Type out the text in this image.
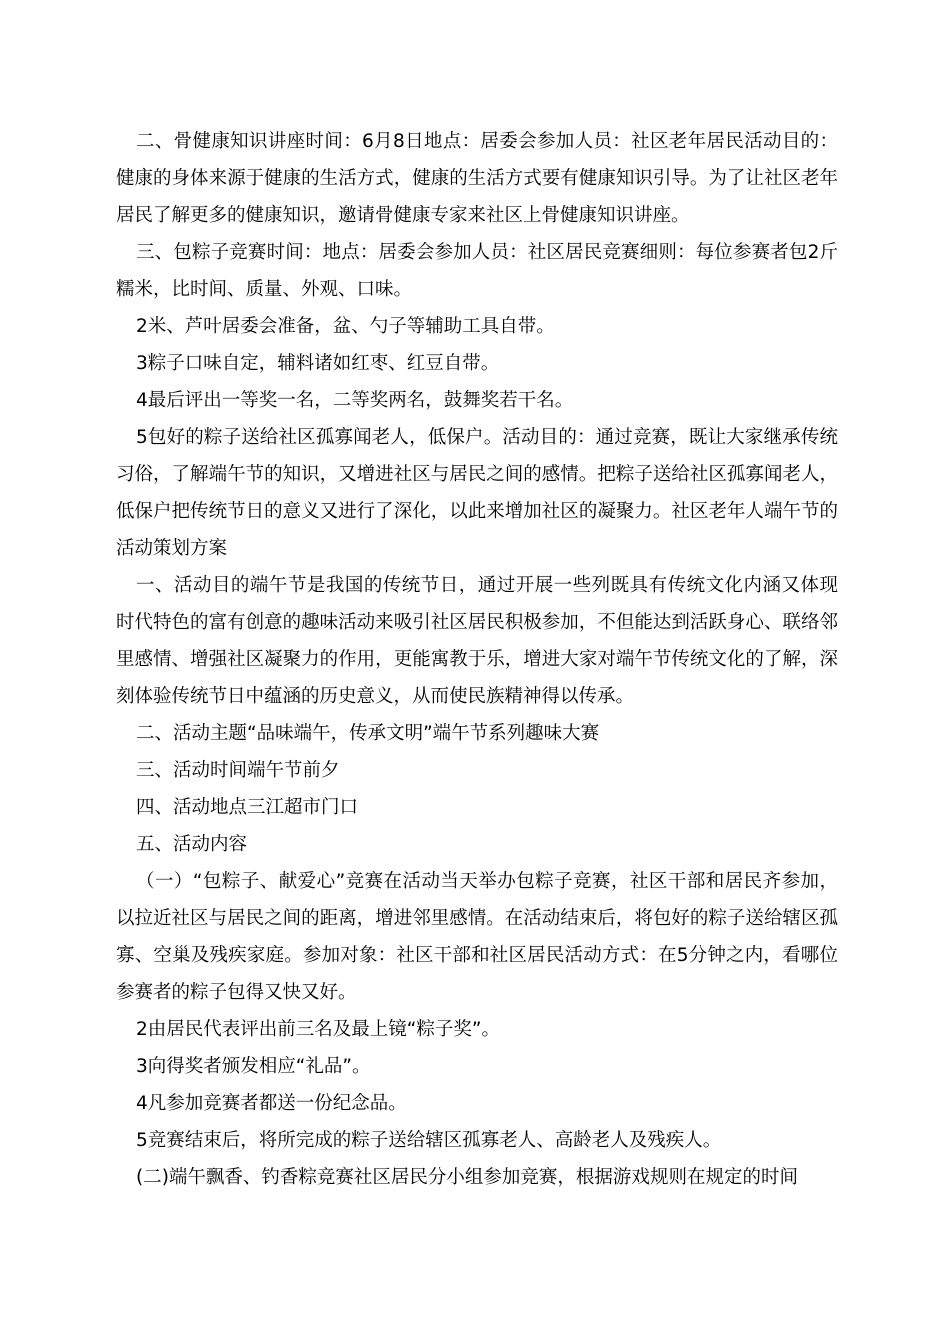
二、骨健康知识讲座时间：6月8日地点：居委会参加人员：社区老年居民活动目的：健康的身体来源于健康的生活方式，健康的生活方式要有健康知识引导。为了让社区老年居民了解更多的健康知识，邀请骨健康专家来社区上骨健康知识讲座。

三、包粽子竞赛时间：地点：居委会参加人员：社区居民竞赛细则：每位参赛者包2斤糯米，比时间、质量、外观、口味。

2米、芦叶居委会准备，盆、勺子等辅助工具自带。

3粽子口味自定，辅料诸如红枣、红豆自带。

4最后评出一等奖一名，二等奖两名，鼓舞奖若干名。

5包好的粽子送给社区孤寡闻老人，低保户。活动目的：通过竞赛，既让大家继承传统习俗，了解端午节的知识，又增进社区与居民之间的感情。把粽子送给社区孤寡闻老人，低保户把传统节日的意义又进行了深化，以此来增加社区的凝聚力。社区老年人端午节的活动策划方案

一、活动目的端午节是我国的传统节日，通过开展一些列既具有传统文化内涵又体现时代特色的富有创意的趣味活动来吸引社区居民积极参加，不但能达到活跃身心、联络邻里感情、增强社区凝聚力的作用，更能寓教于乐，增进大家对端午节传统文化的了解，深刻体验传统节日中蕴涵的历史意义，从而使民族精神得以传承。

二、活动主题“品味端午，传承文明”端午节系列趣味大赛

三、活动时间端午节前夕

四、活动地点三江超市门口

五、活动内容

（一）“包粽子、献爱心”竞赛在活动当天举办包粽子竞赛，社区干部和居民齐参加，以拉近社区与居民之间的距离，增进邻里感情。在活动结束后，将包好的粽子送给辖区孤寡、空巢及残疾家庭。参加对象：社区干部和社区居民活动方式：在5分钟之内，看哪位参赛者的粽子包得又快又好。

2由居民代表评出前三名及最上镜“粽子奖”。

3向得奖者颁发相应“礼品”。

4凡参加竞赛者都送一份纪念品。

5竞赛结束后，将所完成的粽子送给辖区孤寡老人、高龄老人及残疾人。

(二)端午飘香、钓香粽竞赛社区居民分小组参加竞赛，根据游戏规则在规定的时间
